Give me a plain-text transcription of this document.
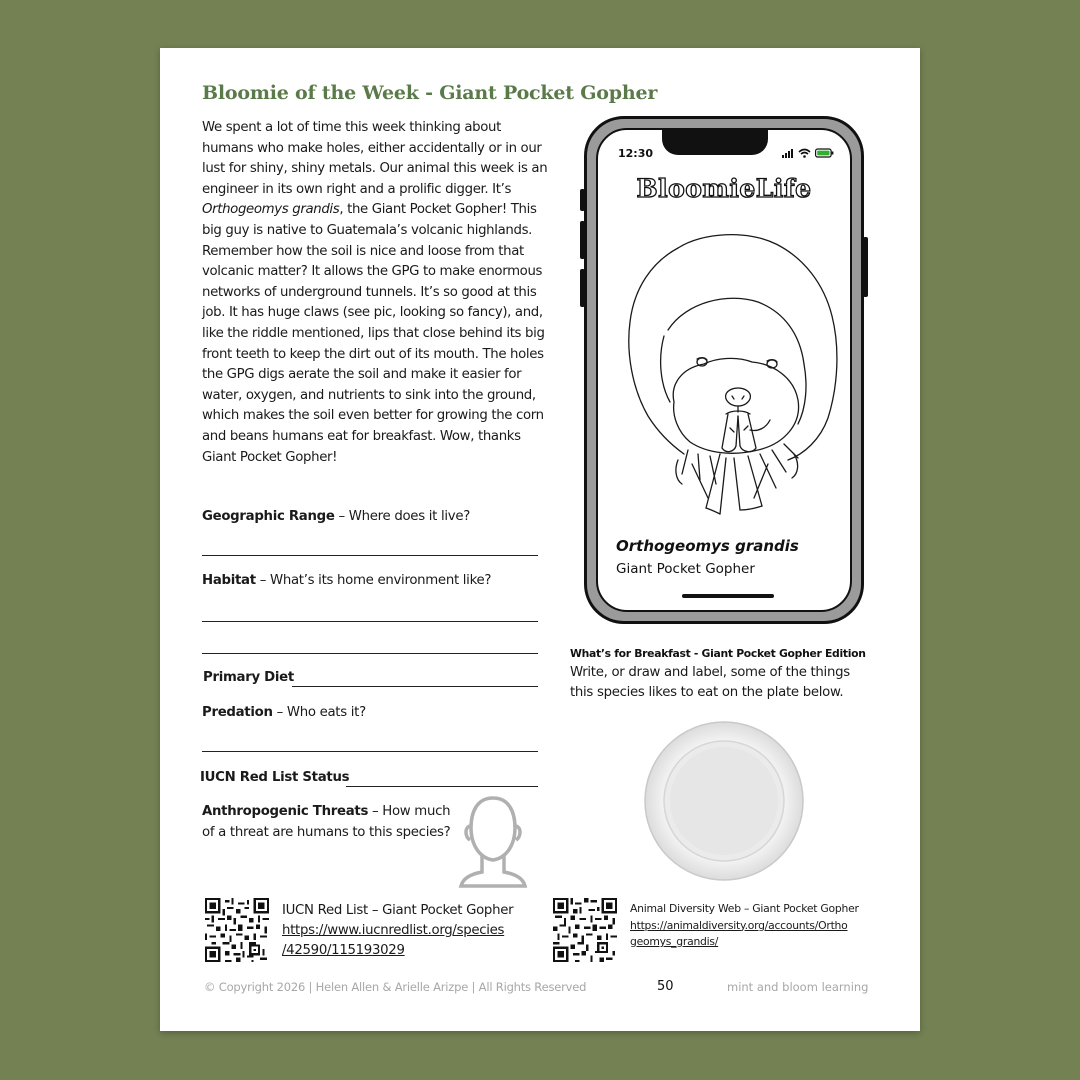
Bloomie of the Week - Giant Pocket Gopher
We spent a lot of time this week thinking about humans who make holes, either accidentally or in our lust for shiny, shiny metals. Our animal this week is an engineer in its own right and a prolific digger. It’s Orthogeomys grandis, the Giant Pocket Gopher! This big guy is native to Guatemala’s volcanic highlands. Remember how the soil is nice and loose from that volcanic matter? It allows the GPG to make enormous networks of underground tunnels. It’s so good at this job. It has huge claws (see pic, looking so fancy), and, like the riddle mentioned, lips that close behind its big front teeth to keep the dirt out of its mouth. The holes the GPG digs aerate the soil and make it easier for water, oxygen, and nutrients to sink into the ground, which makes the soil even better for growing the corn and beans humans eat for breakfast. Wow, thanks Giant Pocket Gopher!
Geographic Range – Where does it live?
Habitat – What’s its home environment like?
Primary Diet
Predation – Who eats it?
IUCN Red List Status
Anthropogenic Threats – How much
of a threat are humans to this species?
12:30
BloomieLife
Orthogeomys grandis
Giant Pocket Gopher
What’s for Breakfast - Giant Pocket Gopher Edition
Write, or draw and label, some of the things this species likes to eat on the plate below.
IUCN Red List – Giant Pocket Gopher
https://www.iucnredlist.org/species
/42590/115193029
Animal Diversity Web – Giant Pocket Gopher
https://animaldiversity.org/accounts/Ortho
geomys_grandis/
© Copyright 2026 | Helen Allen & Arielle Arizpe | All Rights Reserved	50	mint and bloom learning
